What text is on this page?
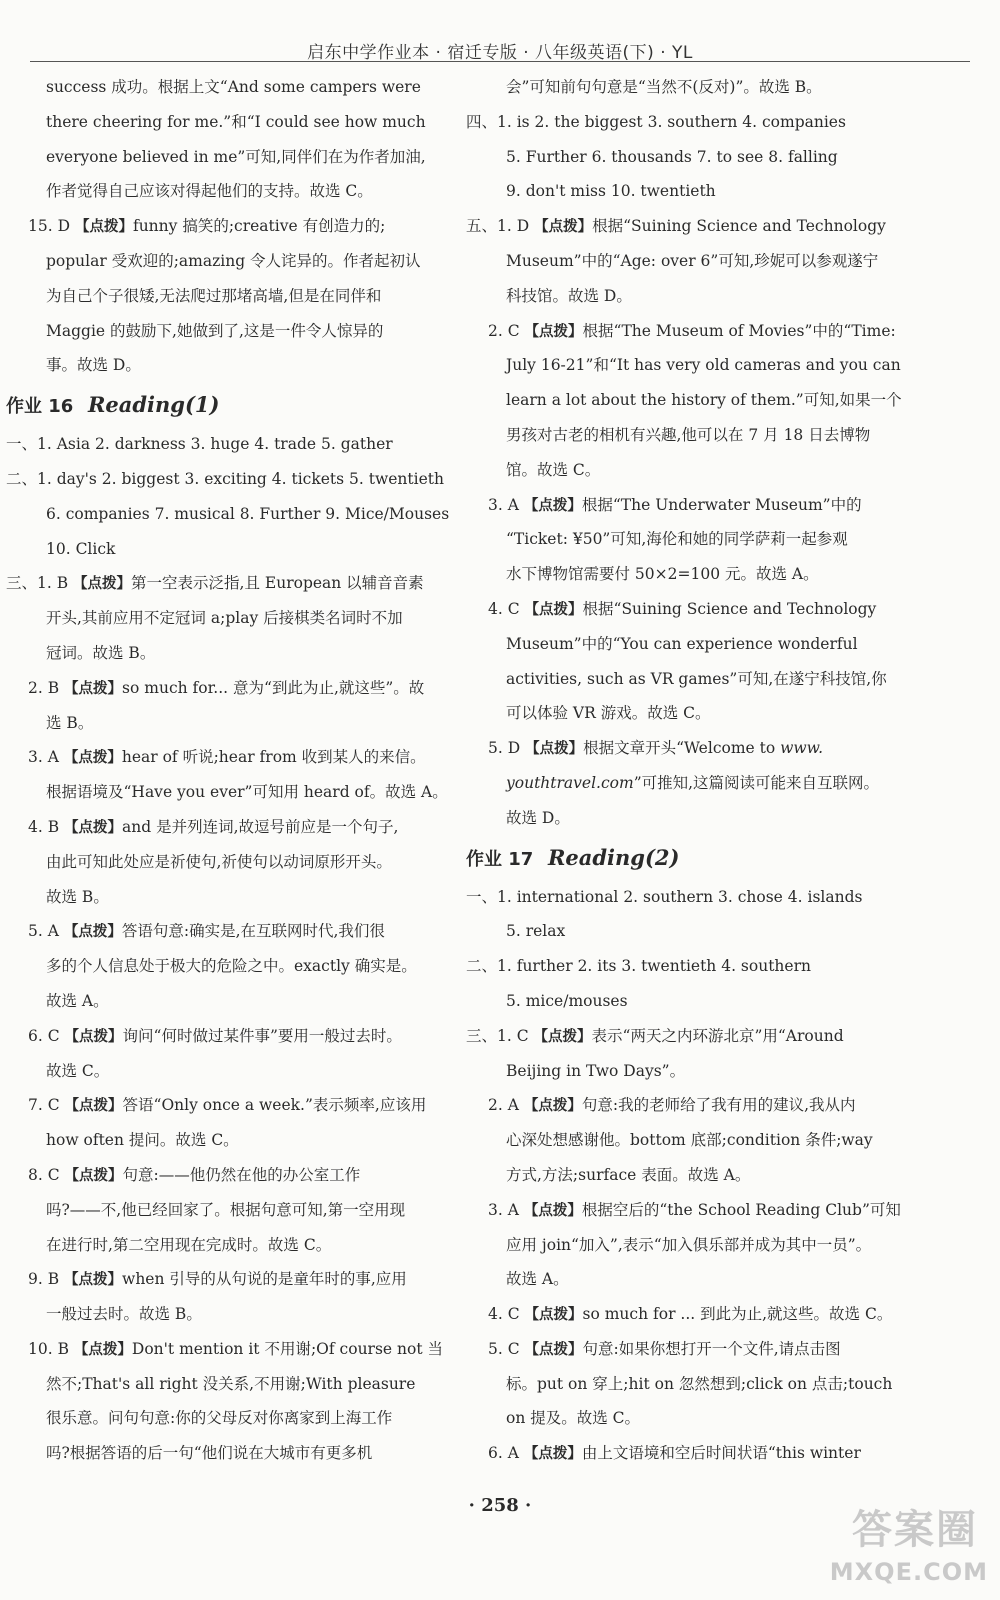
启东中学作业本 · 宿迁专版 · 八年级英语(下) · YL
success 成功。根据上文“And some campers were
there cheering for me.”和“I could see how much
everyone believed in me”可知,同伴们在为作者加油,
作者觉得自己应该对得起他们的支持。故选 C。
15. D 【点拨】funny 搞笑的;creative 有创造力的;
popular 受欢迎的;amazing 令人诧异的。作者起初认
为自己个子很矮,无法爬过那堵高墙,但是在同伴和
Maggie 的鼓励下,她做到了,这是一件令人惊异的
事。故选 D。
作业 16 Reading(1)
一、1. Asia 2. darkness 3. huge 4. trade 5. gather
二、1. day's 2. biggest 3. exciting 4. tickets 5. twentieth
6. companies 7. musical 8. Further 9. Mice/Mouses
10. Click
三、1. B 【点拨】第一空表示泛指,且 European 以辅音音素
开头,其前应用不定冠词 a;play 后接棋类名词时不加
冠词。故选 B。
2. B 【点拨】so much for... 意为“到此为止,就这些”。故
选 B。
3. A 【点拨】hear of 听说;hear from 收到某人的来信。
根据语境及“Have you ever”可知用 heard of。故选 A。
4. B 【点拨】and 是并列连词,故逗号前应是一个句子,
由此可知此处应是祈使句,祈使句以动词原形开头。
故选 B。
5. A 【点拨】答语句意:确实是,在互联网时代,我们很
多的个人信息处于极大的危险之中。exactly 确实是。
故选 A。
6. C 【点拨】询问“何时做过某件事”要用一般过去时。
故选 C。
7. C 【点拨】答语“Only once a week.”表示频率,应该用
how often 提问。故选 C。
8. C 【点拨】句意:——他仍然在他的办公室工作
吗?——不,他已经回家了。根据句意可知,第一空用现
在进行时,第二空用现在完成时。故选 C。
9. B 【点拨】when 引导的从句说的是童年时的事,应用
一般过去时。故选 B。
10. B 【点拨】Don't mention it 不用谢;Of course not 当
然不;That's all right 没关系,不用谢;With pleasure
很乐意。问句句意:你的父母反对你离家到上海工作
吗?根据答语的后一句“他们说在大城市有更多机
会”可知前句句意是“当然不(反对)”。故选 B。
四、1. is 2. the biggest 3. southern 4. companies
5. Further 6. thousands 7. to see 8. falling
9. don't miss 10. twentieth
五、1. D 【点拨】根据“Suining Science and Technology
Museum”中的“Age: over 6”可知,珍妮可以参观遂宁
科技馆。故选 D。
2. C 【点拨】根据“The Museum of Movies”中的“Time:
July 16-21”和“It has very old cameras and you can
learn a lot about the history of them.”可知,如果一个
男孩对古老的相机有兴趣,他可以在 7 月 18 日去博物
馆。故选 C。
3. A 【点拨】根据“The Underwater Museum”中的
“Ticket: ¥50”可知,海伦和她的同学萨莉一起参观
水下博物馆需要付 50×2=100 元。故选 A。
4. C 【点拨】根据“Suining Science and Technology
Museum”中的“You can experience wonderful
activities, such as VR games”可知,在遂宁科技馆,你
可以体验 VR 游戏。故选 C。
5. D 【点拨】根据文章开头“Welcome to www.
youthtravel.com”可推知,这篇阅读可能来自互联网。
故选 D。
作业 17 Reading(2)
一、1. international 2. southern 3. chose 4. islands
5. relax
二、1. further 2. its 3. twentieth 4. southern
5. mice/mouses
三、1. C 【点拨】表示“两天之内环游北京”用“Around
Beijing in Two Days”。
2. A 【点拨】句意:我的老师给了我有用的建议,我从内
心深处想感谢他。bottom 底部;condition 条件;way
方式,方法;surface 表面。故选 A。
3. A 【点拨】根据空后的“the School Reading Club”可知
应用 join“加入”,表示“加入俱乐部并成为其中一员”。
故选 A。
4. C 【点拨】so much for ... 到此为止,就这些。故选 C。
5. C 【点拨】句意:如果你想打开一个文件,请点击图
标。put on 穿上;hit on 忽然想到;click on 点击;touch
on 提及。故选 C。
6. A 【点拨】由上文语境和空后时间状语“this winter
· 258 ·
答案圈
MXQE.COM
